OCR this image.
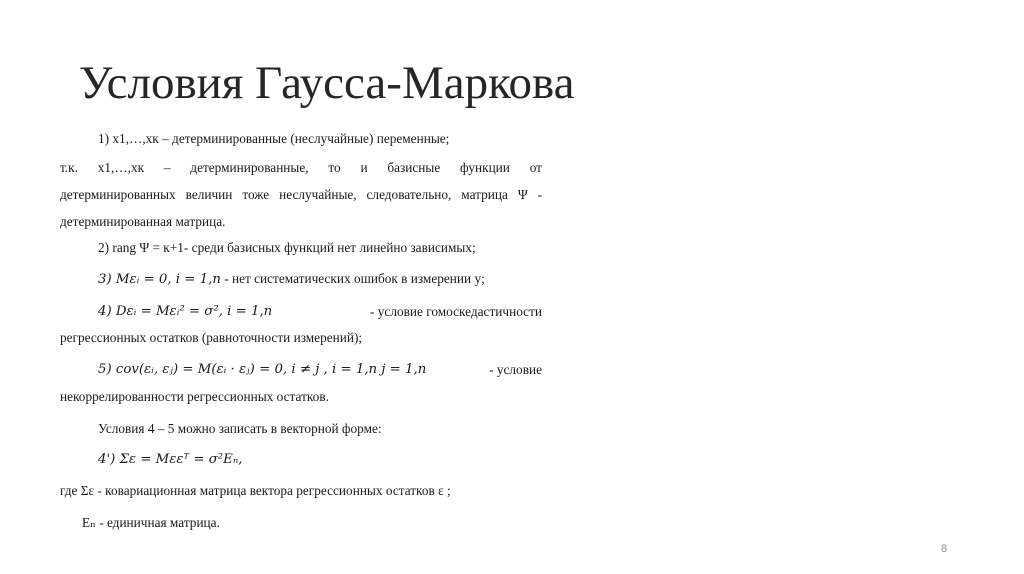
Условия Гаусса-Маркова
1) x1,…,xк – детерминированные (неслучайные) переменные;
т.к. x1,…,xк – детерминированные, то и базисные функции от
детерминированных величин тоже неслучайные, следовательно, матрица Ψ -
детерминированная матрица.
2) rang Ψ = к+1- среди базисных функций нет линейно зависимых;
3) Mεᵢ = 0, i = 1,n - нет систематических ошибок в измерении y;
4) Dεᵢ = Mεᵢ² = σ², i = 1,n	- условие гомоскедастичности
регрессионных остатков (равноточности измерений);
5) cov(εᵢ, εⱼ) = M(εᵢ · εⱼ) = 0, i ≠ j , i = 1,n j = 1,n	- условие
некоррелированности регрессионных остатков.
Условия 4 – 5 можно записать в векторной форме:
4') Σε = Mεεᵀ = σ²Eₙ,
где Σε - ковариационная матрица вектора регрессионных остатков ε ;
Eₙ - единичная матрица.
8
